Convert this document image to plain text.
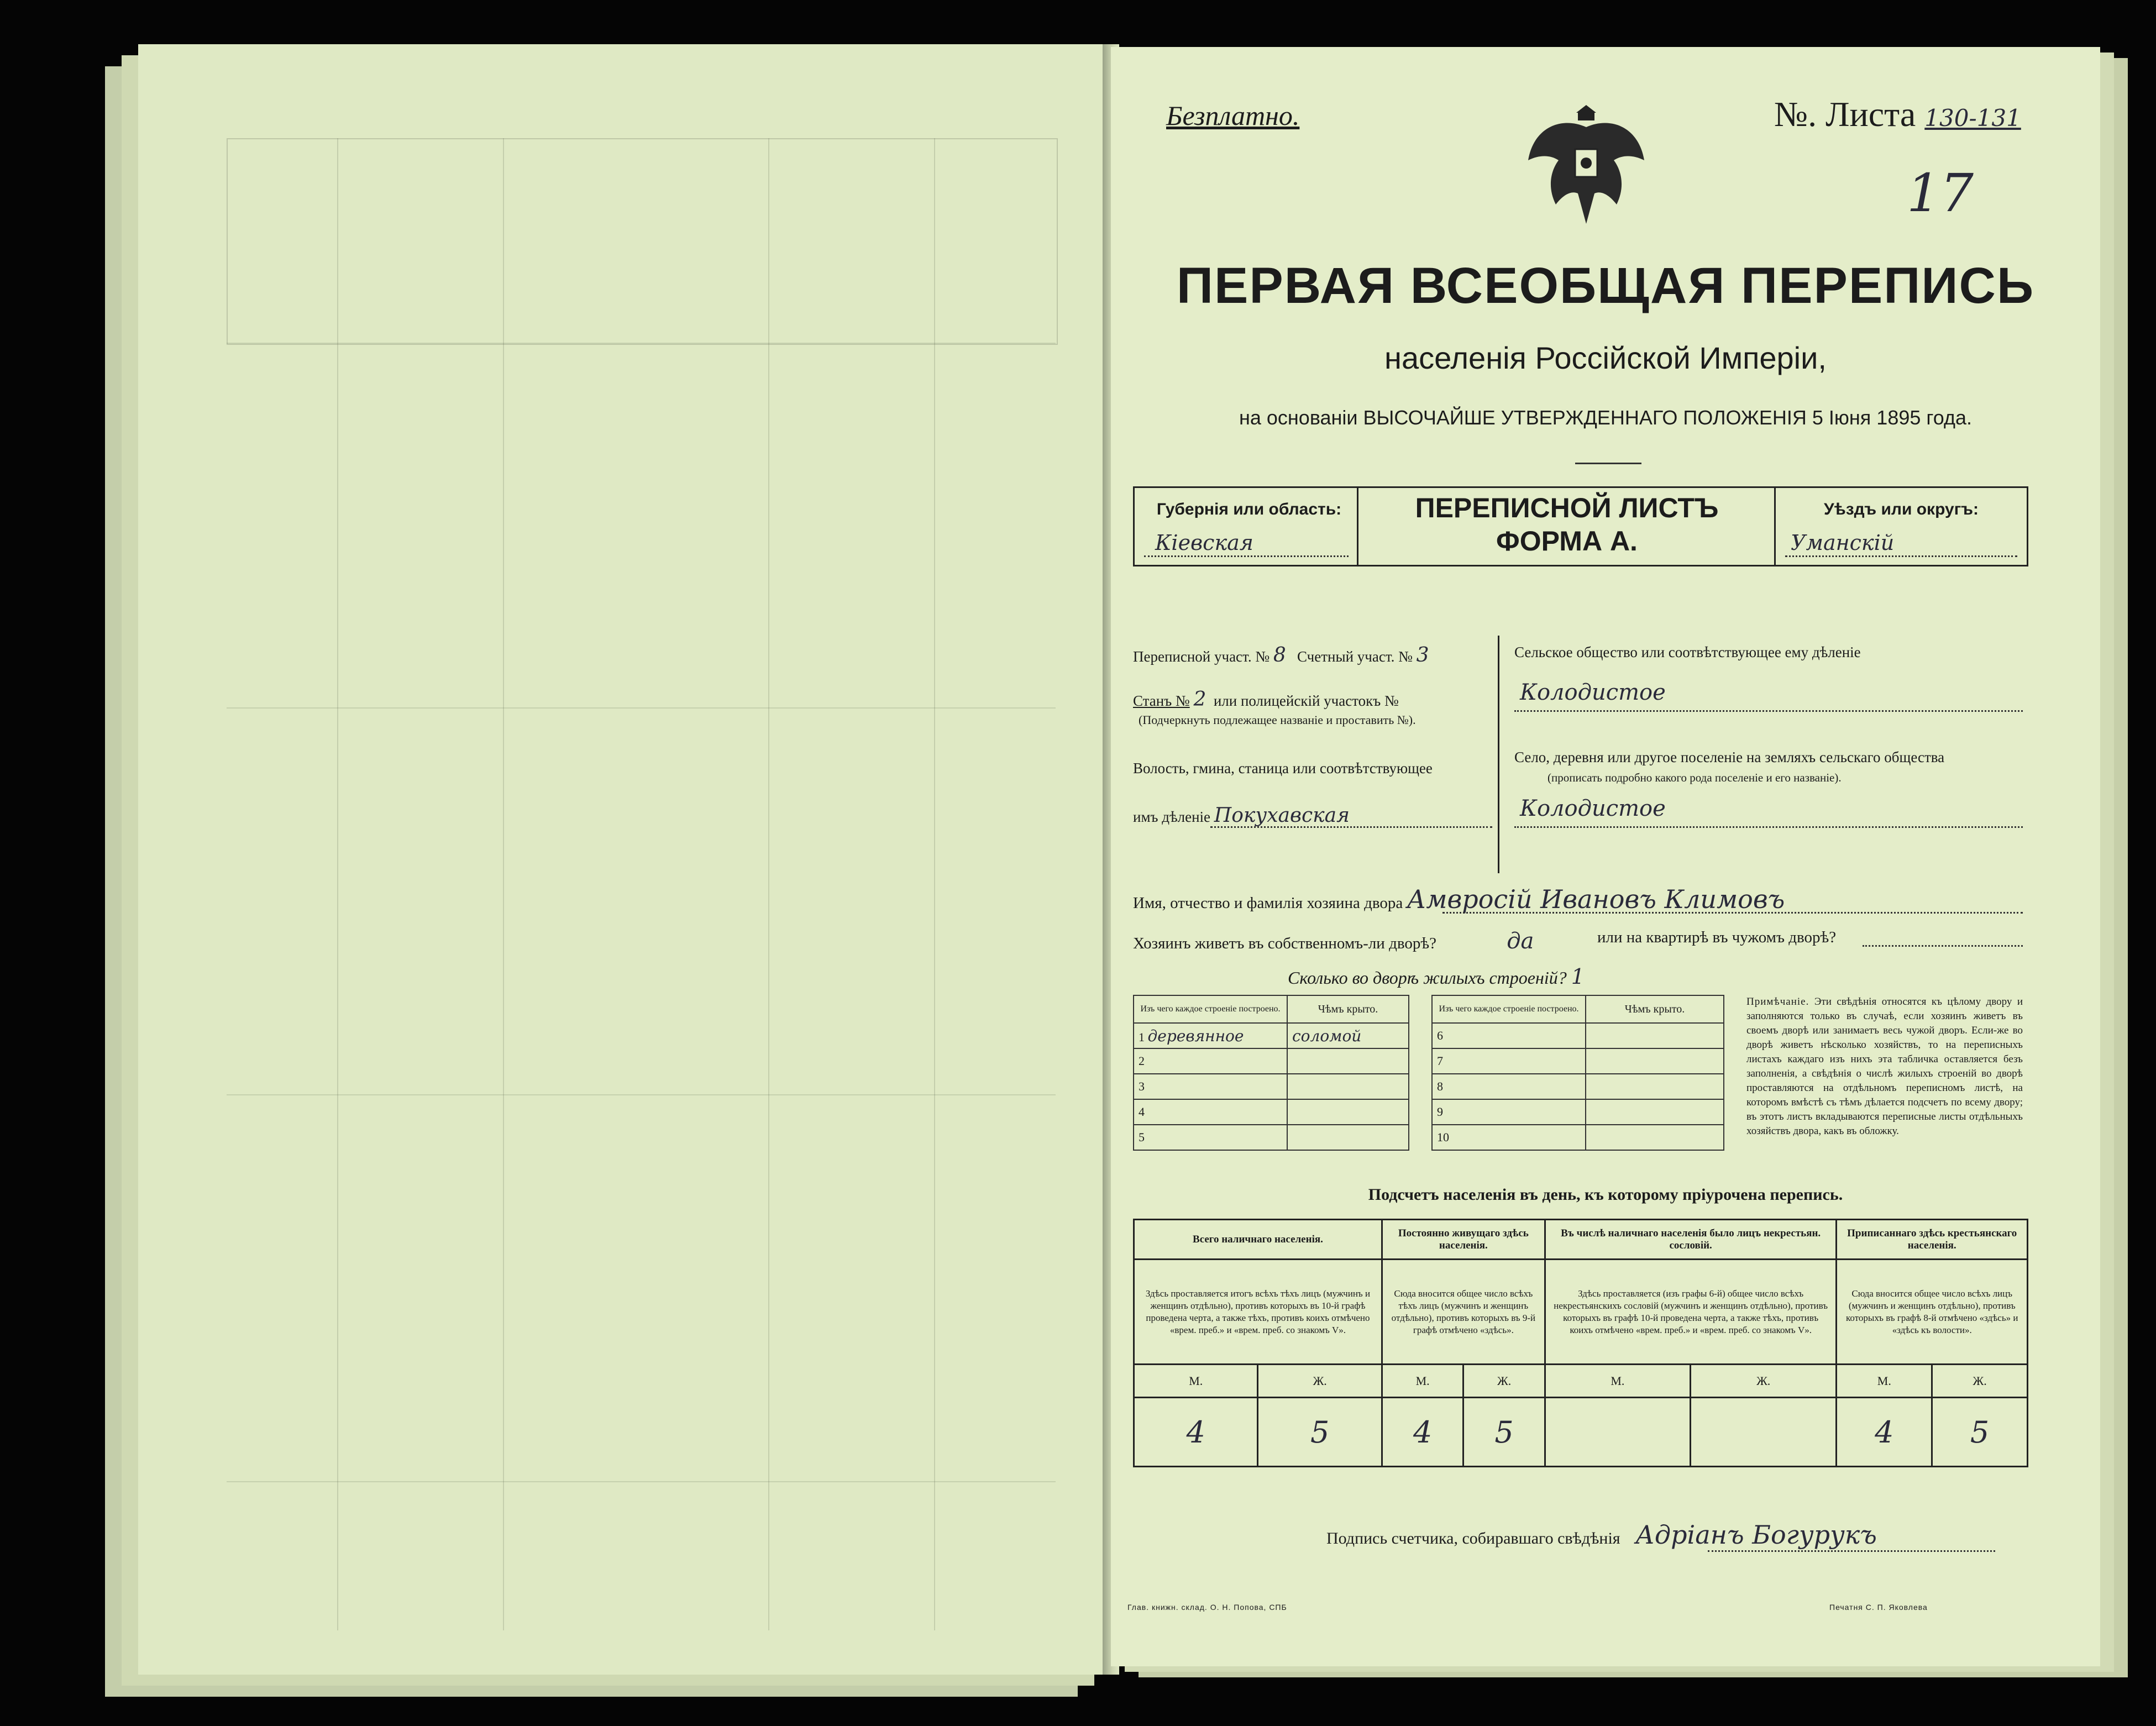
Безплатно.	№. Листа 130-131
17
ПЕРВАЯ ВСЕОБЩАЯ ПЕРЕПИСЬ
населенія Россійской Имперіи,
на основаніи ВЫСОЧАЙШЕ УТВЕРЖДЕННАГО ПОЛОЖЕНІЯ 5 Іюня 1895 года.
Губернія или область:
Кіевская
ПЕРЕПИСНОЙ ЛИСТЪ
ФОРМА А.
Уѣздъ или округъ:
Уманскій
Переписной участ. № 8 Счетный участ. № 3
Станъ № 2 или полицейскій участокъ №
(Подчеркнуть подлежащее названіе и проставить №).
Волость, гмина, станица или соотвѣтствующее
имъ дѣленіе Покухавская
Сельское общество или соотвѣтствующее ему дѣленіе
Колодистое
Село, деревня или другое поселеніе на земляхъ сельскаго общества
(прописать подробно какого рода поселеніе и его названіе).
Колодистое
Имя, отчество и фамилія хозяина двора Амвросій Ивановъ Климовъ
Хозяинъ живетъ въ собственномъ-ли дворѣ?	да	или на квартирѣ въ чужомъ дворѣ?
Сколько во дворѣ жилыхъ строеній? 1
Изъ чего каждое строеніе построено.	Чѣмъ крыто.
1 деревянное	соломой
2	
3	
4	
5	
Изъ чего каждое строеніе построено.	Чѣмъ крыто.
6	
7	
8	
9	
10	
Примѣчаніе. Эти свѣдѣнія относятся къ цѣлому двору и заполняются только въ случаѣ, если хозяинъ живетъ въ своемъ дворѣ или занимаетъ весь чужой дворъ. Если-же во дворѣ живетъ нѣсколько хозяйствъ, то на переписныхъ листахъ каждаго изъ нихъ эта табличка оставляется безъ заполненія, а свѣдѣнія о числѣ жилыхъ строеній во дворѣ проставляются на отдѣльномъ переписномъ листѣ, на которомъ вмѣстѣ съ тѣмъ дѣлается подсчетъ по всему двору; въ этотъ листъ вкладываются переписные листы отдѣльныхъ хозяйствъ двора, какъ въ обложку.
Подсчетъ населенія въ день, къ которому пріурочена перепись.
Всего наличнаго населенія.		Постоянно живущаго здѣсь населенія.		Въ числѣ наличнаго населенія было лицъ некрестьян. сословій.		Приписаннаго здѣсь крестьянскаго населенія.	
Здѣсь проставляется итогъ всѣхъ тѣхъ лицъ (мужчинъ и женщинъ отдѣльно), противъ которыхъ въ 10-й графѣ проведена черта, а также тѣхъ, противъ коихъ отмѣчено «врем. преб.» и «врем. преб. со знакомъ V».		Сюда вносится общее число всѣхъ тѣхъ лицъ (мужчинъ и женщинъ отдѣльно), противъ которыхъ въ 9-й графѣ отмѣчено «здѣсь».		Здѣсь проставляется (изъ графы 6-й) общее число всѣхъ некрестьянскихъ сословій (мужчинъ и женщинъ отдѣльно), противъ которыхъ въ графѣ 10-й проведена черта, а также тѣхъ, противъ коихъ отмѣчено «врем. преб.» и «врем. преб. со знакомъ V».		Сюда вносится общее число всѣхъ лицъ (мужчинъ и женщинъ отдѣльно), противъ которыхъ въ графѣ 8-й отмѣчено «здѣсь» и «здѣсь къ волости».	
М.	Ж.	М.	Ж.	М.	Ж.	М.	Ж.
4	5	4	5			4	5
Подпись счетчика, собиравшаго свѣдѣнія Адріанъ Богурукъ
Глав. книжн. склад. О. Н. Попова, СПБ	Печатня С. П. Яковлева
